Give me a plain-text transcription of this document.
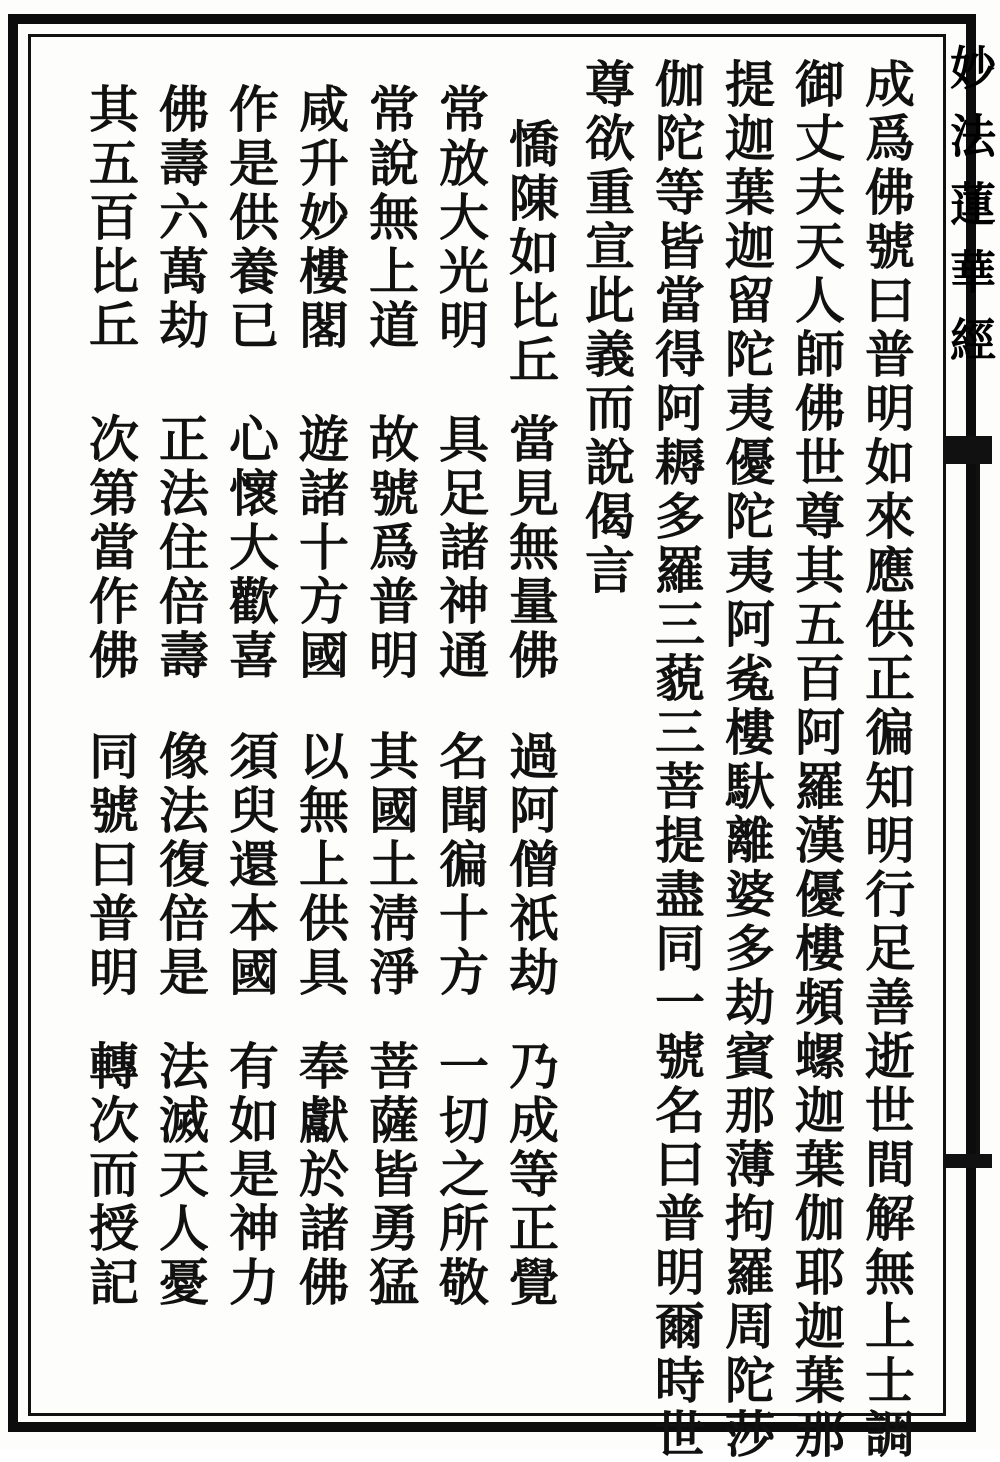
妙法蓮華經
成爲佛號曰普明如來應供正徧知明行足善逝世間解無上士調
御丈夫天人師佛世尊其五百阿羅漢優樓頻螺迦葉伽耶迦葉那
提迦葉迦留陀夷優陀夷阿㝹樓馱離婆多劫賓那薄拘羅周陀莎
伽陀等皆當得阿耨多羅三藐三菩提盡同一號名曰普明爾時世
尊欲重宣此義而說偈言
憍陳如比丘
當見無量佛
過阿僧祇劫
乃成等正覺
常放大光明
具足諸神通
名聞徧十方
一切之所敬
常說無上道
故號爲普明
其國土淸淨
菩薩皆勇猛
咸升妙樓閣
遊諸十方國
以無上供具
奉獻於諸佛
作是供養已
心懷大歡喜
須臾還本國
有如是神力
佛壽六萬劫
正法住倍壽
像法復倍是
法滅天人憂
其五百比丘
次第當作佛
同號曰普明
轉次而授記
